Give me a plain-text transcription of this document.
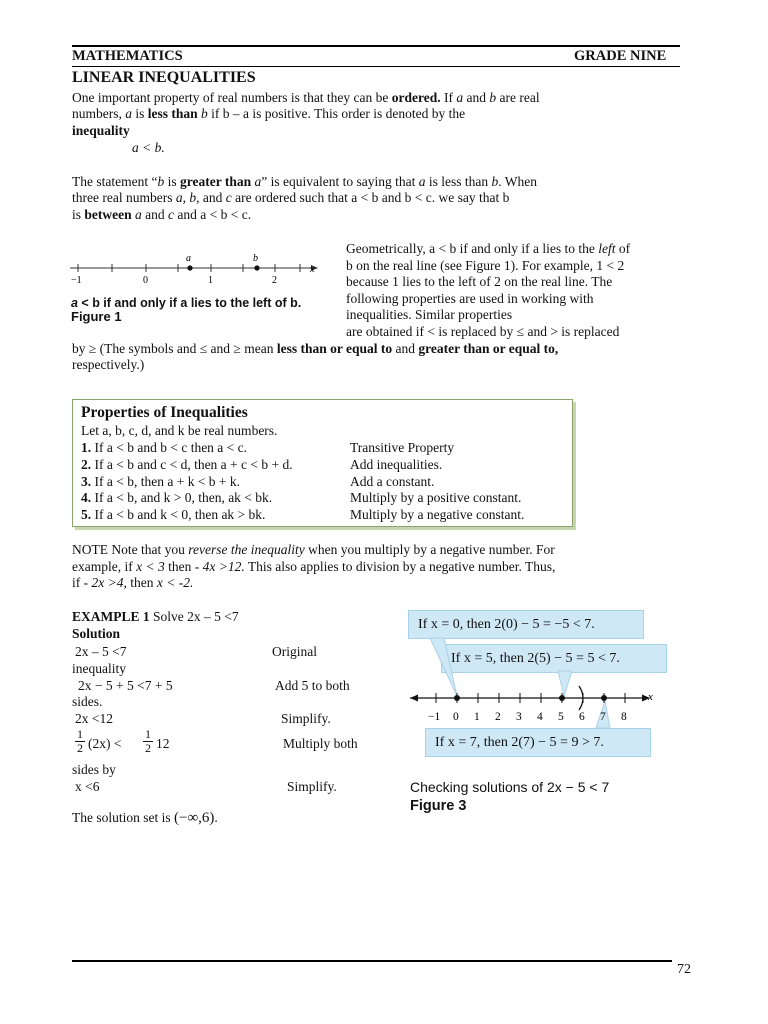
MATHEMATICS	GRADE NINE
LINEAR INEQUALITIES
One important property of real numbers is that they can be ordered. If a and b are real
numbers, a is less than b if b – a is positive. This order is denoted by the
inequality
a < b.
The statement “b is greater than a” is equivalent to saying that a is less than b. When
three real numbers a, b, and c are ordered such that a < b and b < c. we say that b
is between a and c and a < b < c.
a	b
x
−1	0	1	2
a < b if and only if a lies to the left of b.
Figure 1
Geometrically, a < b if and only if a lies to the left of
b on the real line (see Figure 1). For example, 1 < 2
because 1 lies to the left of 2 on the real line. The
following properties are used in working with
inequalities. Similar properties
are obtained if < is replaced by ≤ and > is replaced
by ≥ (The symbols and ≤ and ≥ mean less than or equal to and greater than or equal to,
respectively.)
Properties of Inequalities
Let a, b, c, d, and k be real numbers.
1. If a < b and b < c then a < c.	Transitive Property
2. If a < b and c < d, then a + c < b + d.	Add inequalities.
3. If a < b, then a + k < b + k.	Add a constant.
4. If a < b, and k > 0, then, ak < bk.	Multiply by a positive constant.
5. If a < b and k < 0, then ak > bk.	Multiply by a negative constant.
NOTE Note that you reverse the inequality when you multiply by a negative number. For
example, if x < 3 then - 4x >12. This also applies to division by a negative number. Thus,
if - 2x >4, then x < -2.
EXAMPLE 1 Solve 2x – 5 <7
Solution
2x – 5 <7	Original
inequality
2x − 5 + 5 <7 + 5	Add 5 to both
sides.
2x <12	Simplify.
$\frac{1}{2} (2x) < \frac{1}{2} 12$	Multiply both
sides by
x <6	Simplify.
The solution set is (−∞,6).
If x = 0, then 2(0) − 5 = −5 < 7.
If x = 5, then 2(5) − 5 = 5 < 7.
If x = 7, then 2(7) − 5 = 9 > 7.
x
−1 0 1 2 3 4 5 6 7 8
Checking solutions of 2x − 5 < 7
Figure 3
72
